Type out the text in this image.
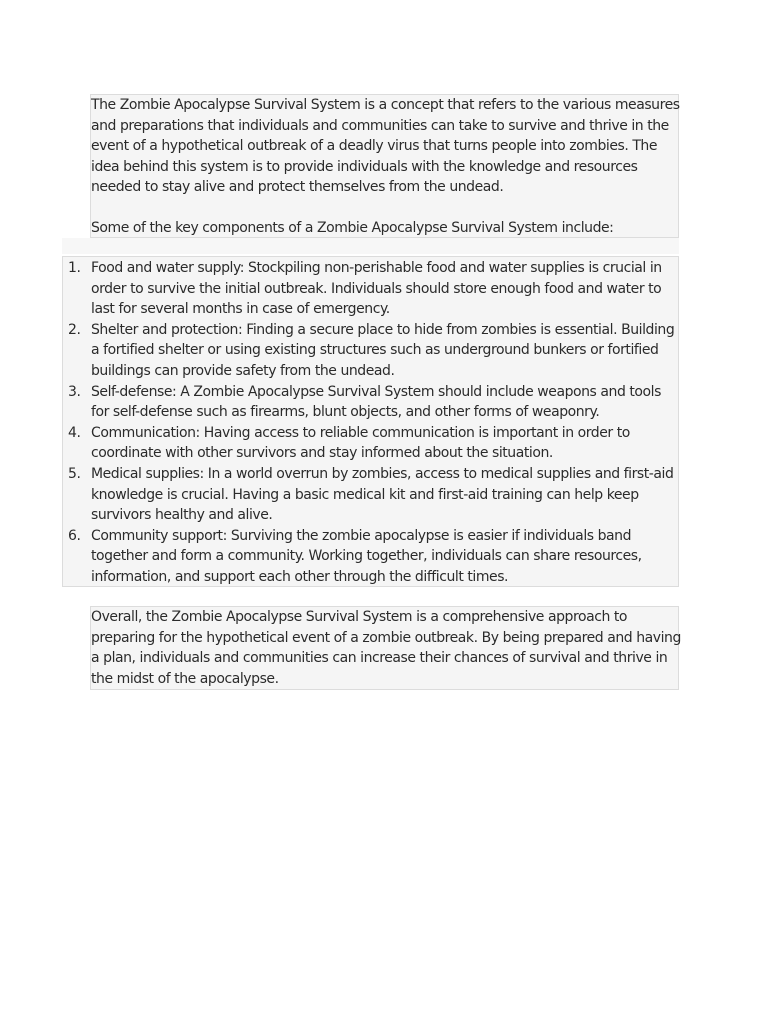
The Zombie Apocalypse Survival System is a concept that refers to the various measures and preparations that individuals and communities can take to survive and thrive in the event of a hypothetical outbreak of a deadly virus that turns people into zombies. The idea behind this system is to provide individuals with the knowledge and resources needed to stay alive and protect themselves from the undead.
Some of the key components of a Zombie Apocalypse Survival System include:
1. Food and water supply: Stockpiling non-perishable food and water supplies is crucial in order to survive the initial outbreak. Individuals should store enough food and water to last for several months in case of emergency.
2. Shelter and protection: Finding a secure place to hide from zombies is essential. Building a fortified shelter or using existing structures such as underground bunkers or fortified buildings can provide safety from the undead.
3. Self-defense: A Zombie Apocalypse Survival System should include weapons and tools for self-defense such as firearms, blunt objects, and other forms of weaponry.
4. Communication: Having access to reliable communication is important in order to coordinate with other survivors and stay informed about the situation.
5. Medical supplies: In a world overrun by zombies, access to medical supplies and first-aid knowledge is crucial. Having a basic medical kit and first-aid training can help keep survivors healthy and alive.
6. Community support: Surviving the zombie apocalypse is easier if individuals band together and form a community. Working together, individuals can share resources, information, and support each other through the difficult times.
Overall, the Zombie Apocalypse Survival System is a comprehensive approach to preparing for the hypothetical event of a zombie outbreak. By being prepared and having a plan, individuals and communities can increase their chances of survival and thrive in the midst of the apocalypse.
